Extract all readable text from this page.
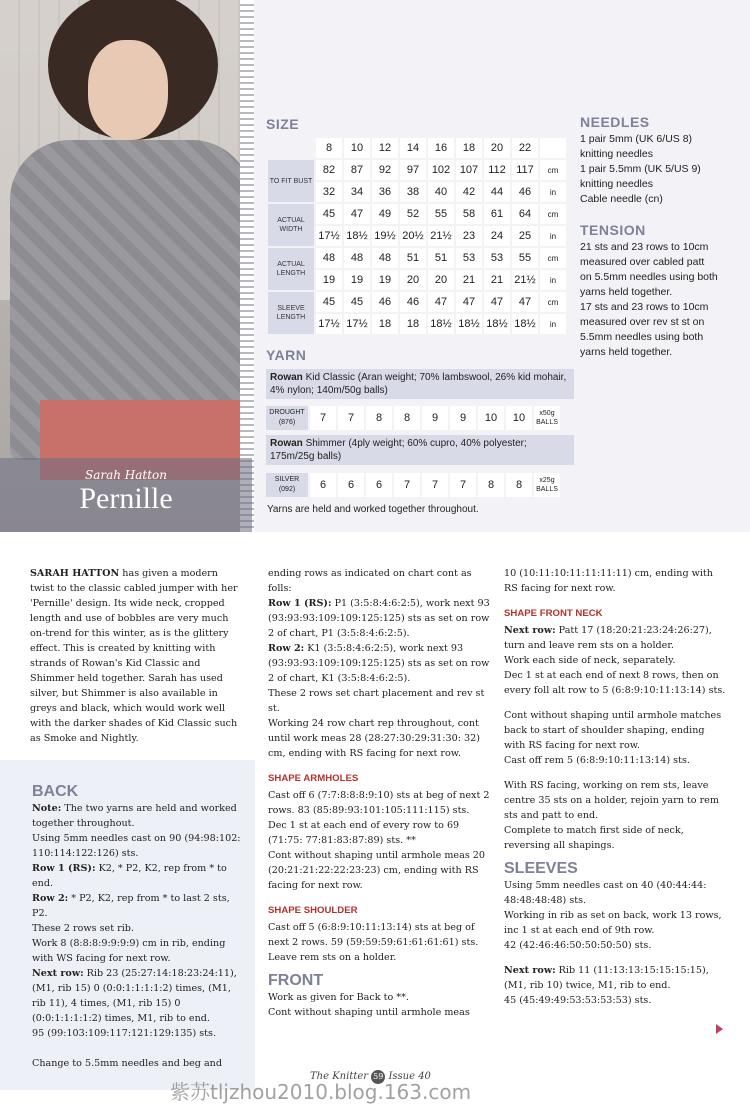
Sarah Hatton
Pernille
SIZE
	8	10	12	14	16	18	20	22	
TO FIT BUST	82	87	92	97	102	107	112	117	cm
	32	34	36	38	40	42	44	46	in
ACTUAL WIDTH	45	47	49	52	55	58	61	64	cm
	17½	18½	19½	20½	21½	23	24	25	in
ACTUAL LENGTH	48	48	48	51	51	53	53	55	cm
	19	19	19	20	20	21	21	21½	in
SLEEVE LENGTH	45	45	46	46	47	47	47	47	cm
	17½	17½	18	18	18½	18½	18½	18½	in
NEEDLES
1 pair 5mm (UK 6/US 8)
knitting needles
1 pair 5.5mm (UK 5/US 9)
knitting needles
Cable needle (cn)
TENSION
21 sts and 23 rows to 10cm
measured over cabled patt
on 5.5mm needles using both
yarns held together.
17 sts and 23 rows to 10cm
measured over rev st st on
5.5mm needles using both
yarns held together.
YARN
Rowan Kid Classic (Aran weight; 70% lambswool, 26% kid mohair, 4% nylon; 140m/50g balls)
DROUGHT (876)	7	7	8	8	9	9	10	10	x50g BALLS
Rowan Shimmer (4ply weight; 60% cupro, 40% polyester; 175m/25g balls)
SILVER (092)	6	6	6	7	7	7	8	8	x25g BALLS
Yarns are held and worked together throughout.
SARAH HATTON has given a modern twist to the classic cabled jumper with her 'Pernille' design. Its wide neck, cropped length and use of bobbles are very much on-trend for this winter, as is the glittery effect. This is created by knitting with strands of Rowan's Kid Classic and Shimmer held together. Sarah has used silver, but Shimmer is also available in greys and black, which would work well with the darker shades of Kid Classic such as Smoke and Nightly.
BACK

Note: The two yarns are held and worked together throughout.

Using 5mm needles cast on 90 (94:98:102: 110:114:122:126) sts.

Row 1 (RS): K2, * P2, K2, rep from * to end.

Row 2: * P2, K2, rep from * to last 2 sts, P2.

These 2 rows set rib.

Work 8 (8:8:8:9:9:9:9) cm in rib, ending with WS facing for next row.

Next row: Rib 23 (25:27:14:18:23:24:11), (M1, rib 15) 0 (0:0:1:1:1:1:2) times, (M1, rib 11), 4 times, (M1, rib 15) 0 (0:0:1:1:1:1:2) times, M1, rib to end.

95 (99:103:109:117:121:129:135) sts.

Change to 5.5mm needles and beg and

ending rows as indicated on chart cont as folls:

Row 1 (RS): P1 (3:5:8:4:6:2:5), work next 93 (93:93:93:109:109:125:125) sts as set on row 2 of chart, P1 (3:5:8:4:6:2:5).

Row 2: K1 (3:5:8:4:6:2:5), work next 93 (93:93:93:109:109:125:125) sts as set on row 2 of chart, K1 (3:5:8:4:6:2:5).

These 2 rows set chart placement and rev st st.

Working 24 row chart rep throughout, cont until work meas 28 (28:27:30:29:31:30: 32) cm, ending with RS facing for next row.

SHAPE ARMHOLES

Cast off 6 (7:7:8:8:8:9:10) sts at beg of next 2 rows. 83 (85:89:93:101:105:111:115) sts.

Dec 1 st at each end of every row to 69 (71:75: 77:81:83:87:89) sts. **

Cont without shaping until armhole meas 20 (20:21:21:22:22:23:23) cm, ending with RS facing for next row.

SHAPE SHOULDER

Cast off 5 (6:8:9:10:11:13:14) sts at beg of next 2 rows. 59 (59:59:59:61:61:61:61) sts.

Leave rem sts on a holder.

FRONT

Work as given for Back to **.

Cont without shaping until armhole meas

10 (10:11:10:11:11:11:11) cm, ending with RS facing for next row.

SHAPE FRONT NECK

Next row: Patt 17 (18:20:21:23:24:26:27), turn and leave rem sts on a holder.

Work each side of neck, separately.

Dec 1 st at each end of next 8 rows, then on every foll alt row to 5 (6:8:9:10:11:13:14) sts.

Cont without shaping until armhole matches back to start of shoulder shaping, ending with RS facing for next row.

Cast off rem 5 (6:8:9:10:11:13:14) sts.

With RS facing, working on rem sts, leave centre 35 sts on a holder, rejoin yarn to rem sts and patt to end.

Complete to match first side of neck, reversing all shapings.

SLEEVES

Using 5mm needles cast on 40 (40:44:44: 48:48:48:48) sts.

Working in rib as set on back, work 13 rows, inc 1 st at each end of 9th row.

42 (42:46:46:50:50:50:50) sts.

Next row: Rib 11 (11:13:13:15:15:15:15), (M1, rib 10) twice, M1, rib to end.

45 (45:49:49:53:53:53:53) sts.

The Knitter 59 Issue 40
紫苏tljzhou2010.blog.163.com
